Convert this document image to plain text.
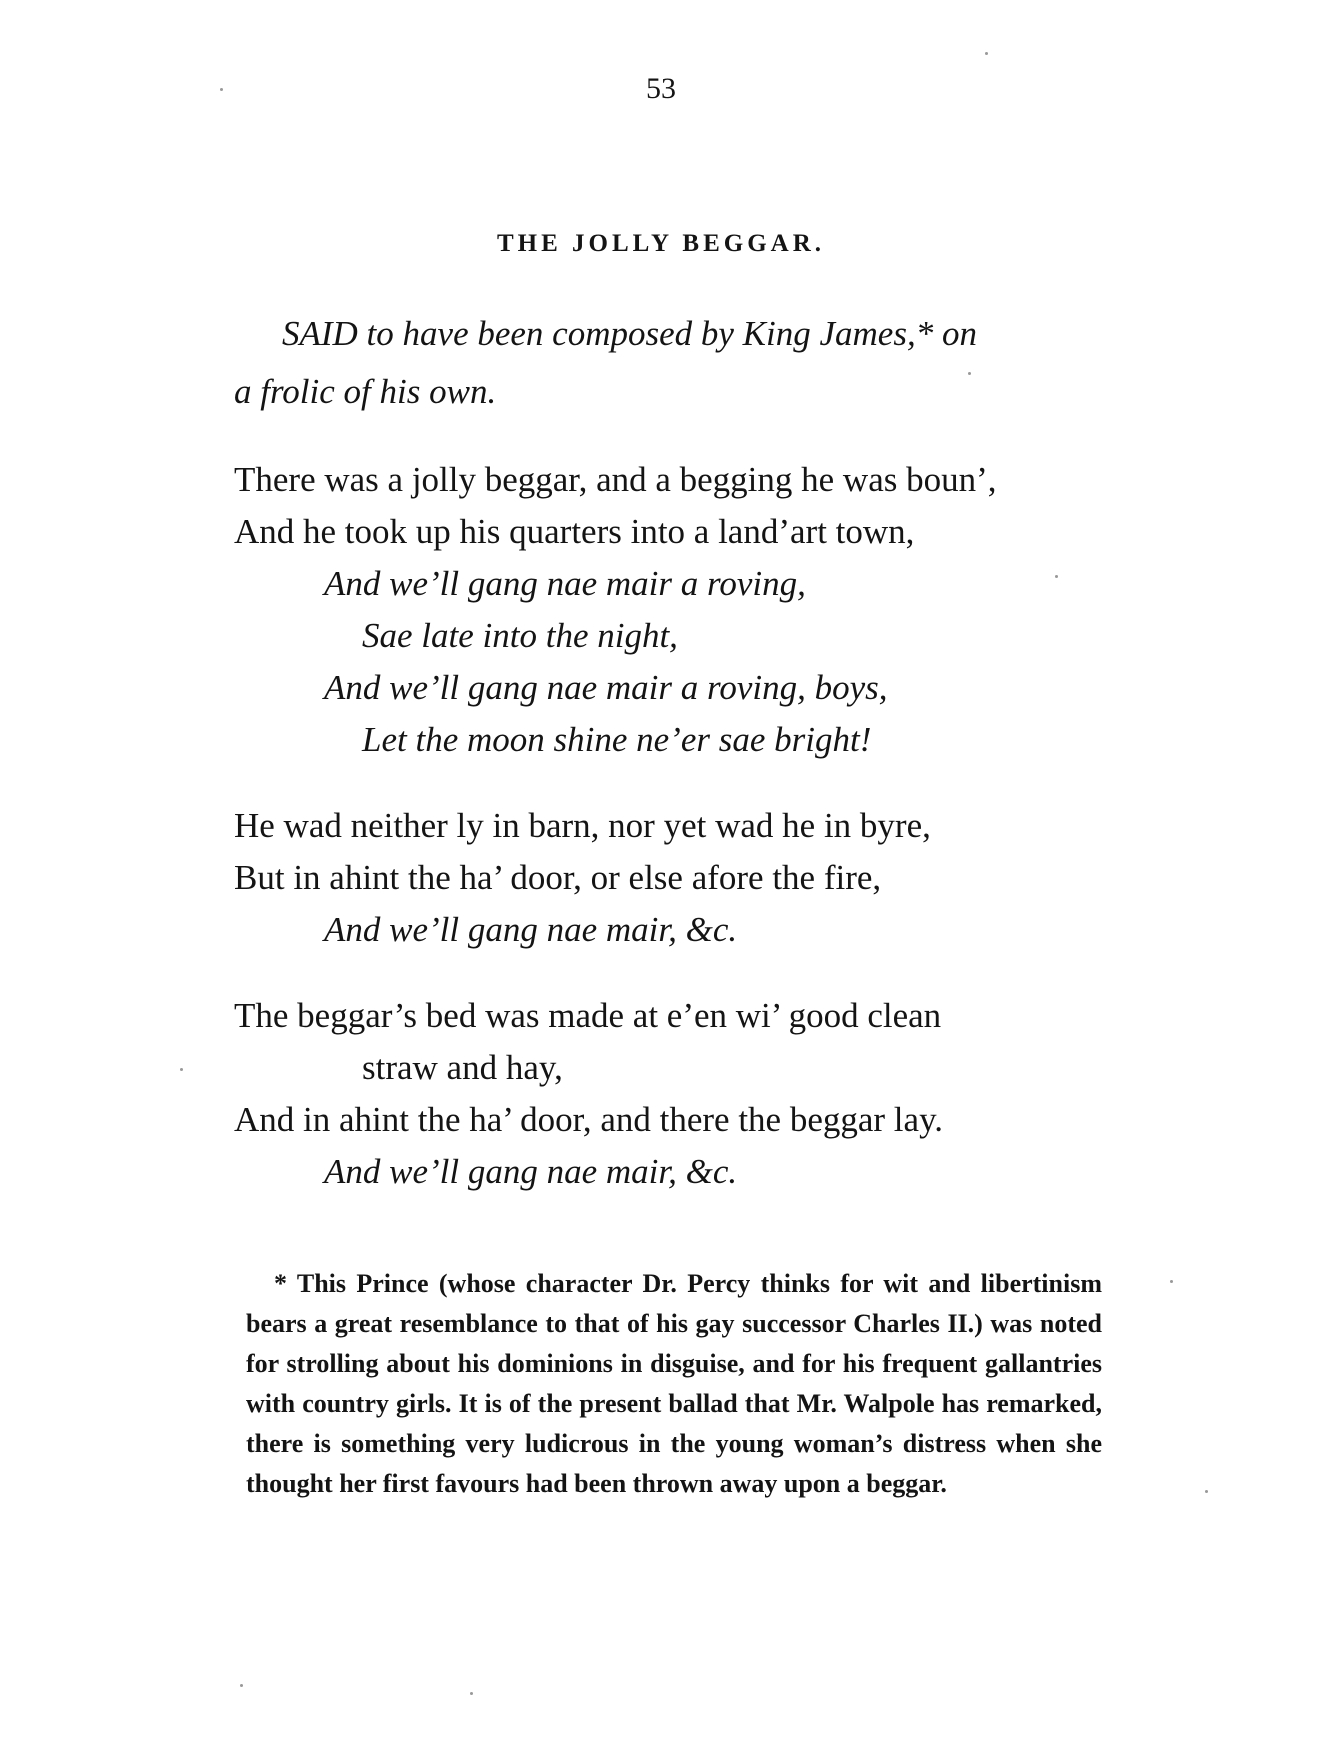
53
THE JOLLY BEGGAR.
SAID to have been composed by King James,* on
a frolic of his own.
There was a jolly beggar, and a begging he was boun’,
And he took up his quarters into a land’art town,
And we’ll gang nae mair a roving,
Sae late into the night,
And we’ll gang nae mair a roving, boys,
Let the moon shine ne’er sae bright!
He wad neither ly in barn, nor yet wad he in byre,
But in ahint the ha’ door, or else afore the fire,
And we’ll gang nae mair, &c.
The beggar’s bed was made at e’en wi’ good clean
straw and hay,
And in ahint the ha’ door, and there the beggar lay.
And we’ll gang nae mair, &c.

* This Prince (whose character Dr. Percy thinks for wit and libertinism bears a great resemblance to that of his gay successor Charles II.) was noted for strolling about his dominions in disguise, and for his frequent gallantries with country girls. It is of the present ballad that Mr. Walpole has remarked, there is something very ludicrous in the young woman’s distress when she thought her first favours had been thrown away upon a beggar.
